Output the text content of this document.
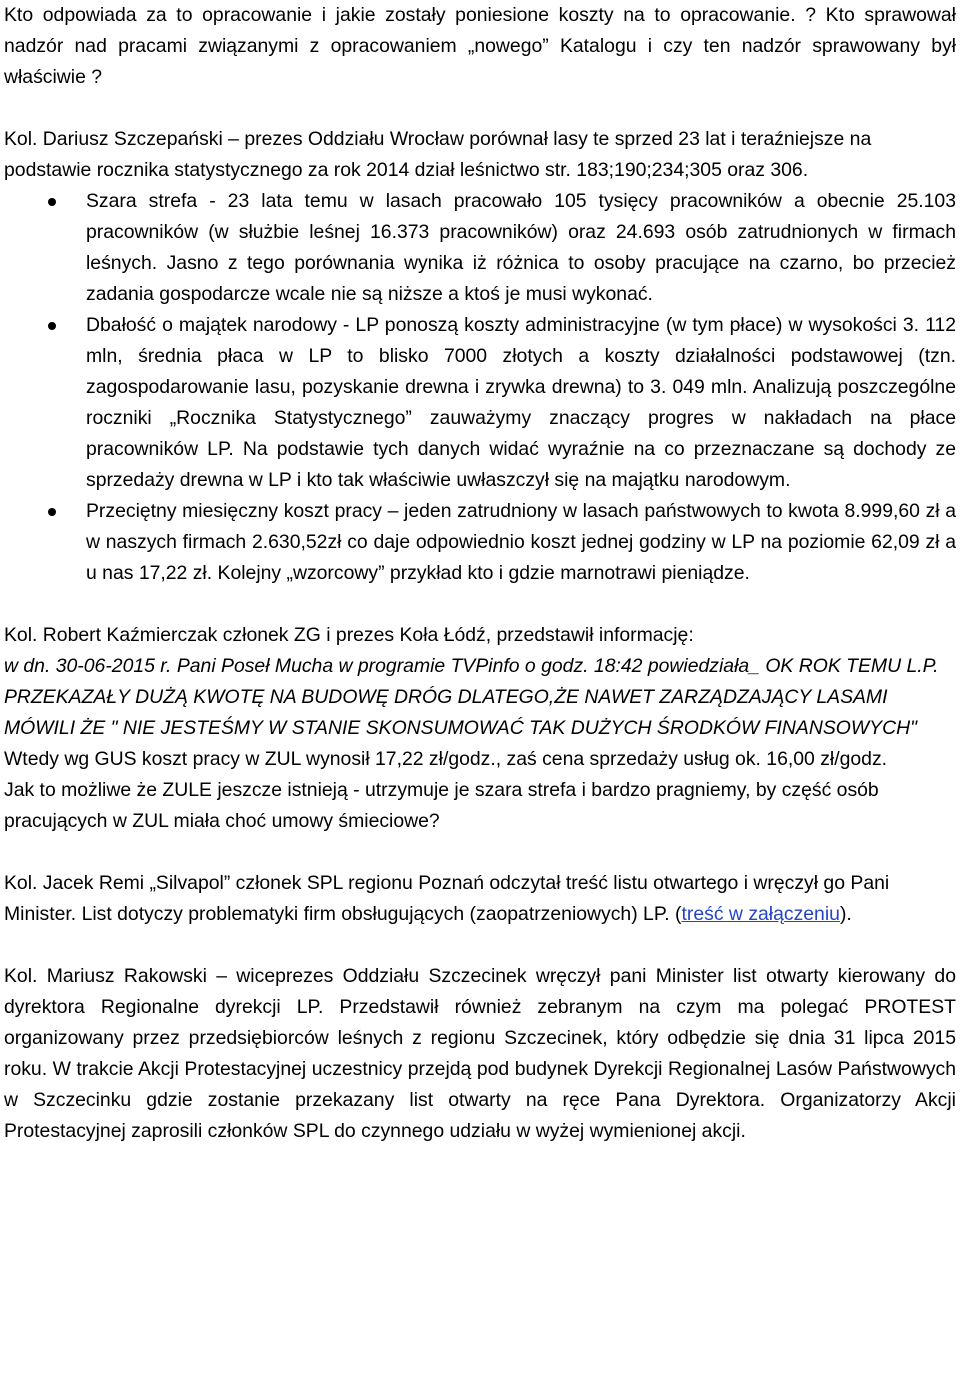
Kto odpowiada za to opracowanie i jakie zostały poniesione koszty na to opracowanie. ? Kto sprawował nadzór nad pracami związanymi z opracowaniem „nowego” Katalogu i czy ten nadzór sprawowany był właściwie ?

Kol. Dariusz Szczepański – prezes Oddziału Wrocław porównał lasy te sprzed 23 lat i teraźniejsze na podstawie rocznika statystycznego za rok 2014 dział leśnictwo str. 183;190;234;305 oraz 306.

Szara strefa - 23 lata temu w lasach pracowało 105 tysięcy pracowników a obecnie 25.103 pracowników (w służbie leśnej 16.373 pracowników) oraz 24.693 osób zatrudnionych w firmach leśnych. Jasno z tego porównania wynika iż różnica to osoby pracujące na czarno, bo przecież zadania gospodarcze wcale nie są niższe a ktoś je musi wykonać.
Dbałość o majątek narodowy - LP ponoszą koszty administracyjne (w tym płace) w wysokości 3. 112 mln, średnia płaca w LP to blisko 7000 złotych a koszty działalności podstawowej (tzn. zagospodarowanie lasu, pozyskanie drewna i zrywka drewna) to 3. 049 mln. Analizują poszczególne roczniki „Rocznika Statystycznego” zauważymy znaczący progres w nakładach na płace pracowników LP. Na podstawie tych danych widać wyraźnie na co przeznaczane są dochody ze sprzedaży drewna w LP i kto tak właściwie uwłaszczył się na majątku narodowym.
Przeciętny miesięczny koszt pracy – jeden zatrudniony w lasach państwowych to kwota 8.999,60 zł a w naszych firmach 2.630,52zł co daje odpowiednio koszt jednej godziny w LP na poziomie 62,09 zł a u nas 17,22 zł. Kolejny „wzorcowy” przykład kto i gdzie marnotrawi pieniądze.

Kol. Robert Kaźmierczak członek ZG i prezes Koła Łódź, przedstawił informację:

w dn. 30-06-2015 r. Pani Poseł Mucha w programie TVPinfo o godz. 18:42 powiedziała_ OK ROK TEMU L.P. PRZEKAZAŁY DUŻĄ KWOTĘ NA BUDOWĘ DRÓG DLATEGO,ŻE NAWET ZARZĄDZAJĄCY LASAMI MÓWILI ŻE " NIE JESTEŚMY W STANIE SKONSUMOWAĆ TAK DUŻYCH ŚRODKÓW FINANSOWYCH"

Wtedy wg GUS koszt pracy w ZUL wynosił 17,22 zł/godz., zaś cena sprzedaży usług ok. 16,00 zł/godz.

Jak to możliwe że ZULE jeszcze istnieją - utrzymuje je szara strefa i bardzo pragniemy, by część osób pracujących w ZUL miała choć umowy śmieciowe?

Kol. Jacek Remi „Silvapol” członek SPL regionu Poznań odczytał treść listu otwartego i wręczył go Pani Minister. List dotyczy problematyki firm obsługujących (zaopatrzeniowych) LP. (treść w załączeniu).

Kol. Mariusz Rakowski – wiceprezes Oddziału Szczecinek wręczył pani Minister list otwarty kierowany do dyrektora Regionalne dyrekcji LP. Przedstawił również zebranym na czym ma polegać PROTEST organizowany przez przedsiębiorców leśnych z regionu Szczecinek, który odbędzie się dnia 31 lipca 2015 roku. W trakcie Akcji Protestacyjnej uczestnicy przejdą pod budynek Dyrekcji Regionalnej Lasów Państwowych w Szczecinku gdzie zostanie przekazany list otwarty na ręce Pana Dyrektora. Organizatorzy Akcji Protestacyjnej zaprosili członków SPL do czynnego udziału w wyżej wymienionej akcji.
